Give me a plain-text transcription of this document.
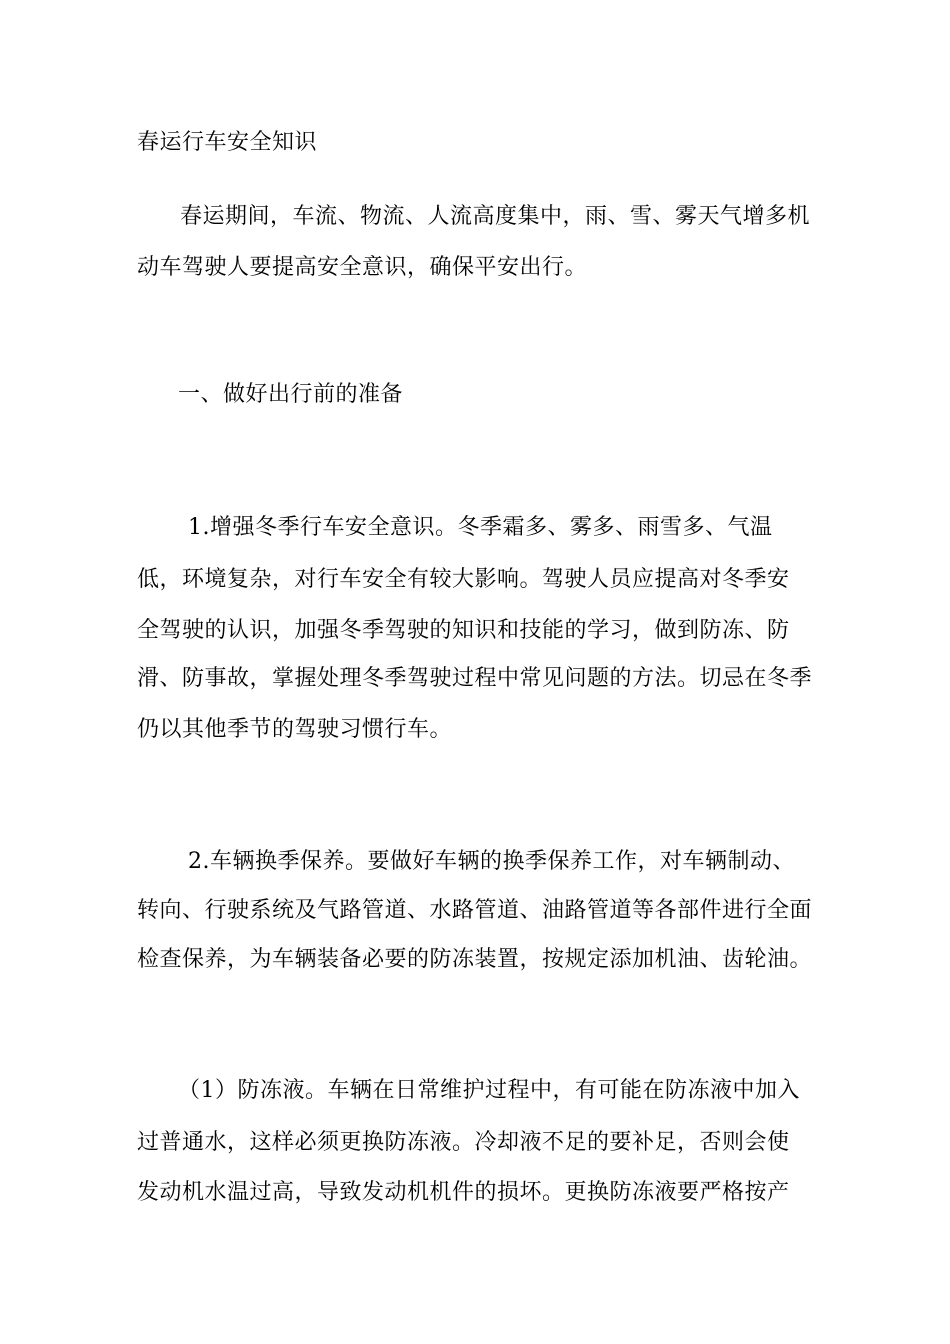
春运行车安全知识
春运期间，车流、物流、人流高度集中，雨、雪、雾天气增多机
动车驾驶人要提高安全意识，确保平安出行。
一、做好出行前的准备
1.增强冬季行车安全意识。冬季霜多、雾多、雨雪多、气温
低，环境复杂，对行车安全有较大影响。驾驶人员应提高对冬季安
全驾驶的认识，加强冬季驾驶的知识和技能的学习，做到防冻、防
滑、防事故，掌握处理冬季驾驶过程中常见问题的方法。切忌在冬季
仍以其他季节的驾驶习惯行车。
2.车辆换季保养。要做好车辆的换季保养工作，对车辆制动、
转向、行驶系统及气路管道、水路管道、油路管道等各部件进行全面
检查保养，为车辆装备必要的防冻装置，按规定添加机油、齿轮油。
（1）防冻液。车辆在日常维护过程中，有可能在防冻液中加入
过普通水，这样必须更换防冻液。冷却液不足的要补足，否则会使
发动机水温过高，导致发动机机件的损坏。更换防冻液要严格按产
